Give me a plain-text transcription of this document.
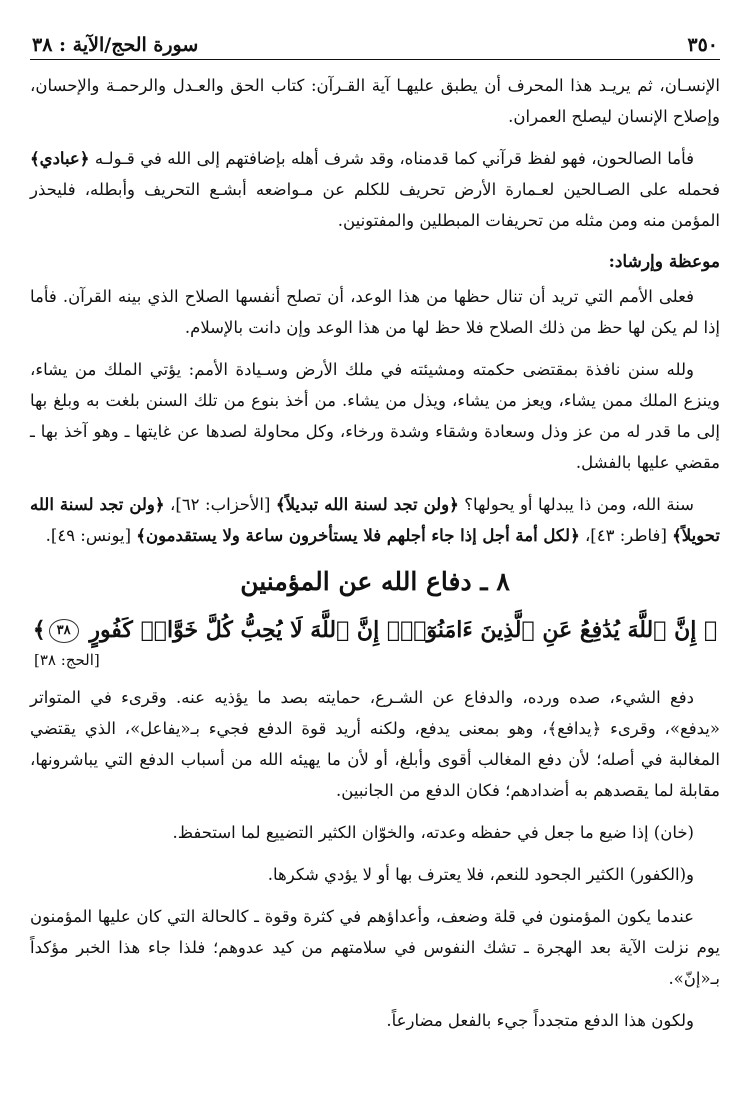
٣٥٠
سورة الحج/الآية : ٣٨

الإنسـان، ثم يريـد هذا المحرف أن يطبق عليهـا آية القـرآن: كتاب الحق والعـدل والرحمـة والإحسان، وإصلاح الإنسان ليصلح العمران.

فأما الصالحون، فهو لفظ قرآني كما قدمناه، وقد شرف أهله بإضافتهم إلى الله في قـولـه ﴿عبادي﴾ فحمله على الصـالحين لعـمارة الأرض تحريف للكلم عن مـواضعه أبشـع التحريف وأبطله، فليحذر المؤمن منه ومن مثله من تحريفات المبطلين والمفتونين.

موعظة وإرشاد:

فعلى الأمم التي تريد أن تنال حظها من هذا الوعد، أن تصلح أنفسها الصلاح الذي بينه القرآن. فأما إذا لم يكن لها حظ من ذلك الصلاح فلا حظ لها من هذا الوعد وإن دانت بالإسلام.

ولله سنن نافذة بمقتضى حكمته ومشيئته في ملك الأرض وسـيادة الأمم: يؤتي الملك من يشاء، وينزع الملك ممن يشاء، ويعز من يشاء، ويذل من يشاء. من أخذ بنوع من تلك السنن بلغت به وبلغ بها إلى ما قدر له من عز وذل وسعادة وشقاء وشدة ورخاء، وكل محاولة لصدها عن غايتها ـ وهو آخذ بها ـ مقضي عليها بالفشل.

سنة الله، ومن ذا يبدلها أو يحولها؟ ﴿ولن تجد لسنة الله تبديلاً﴾ [الأحزاب: ٦٢]، ﴿ولن تجد لسنة الله تحويلاً﴾ [فاطر: ٤٣]، ﴿لكل أمة أجل إذا جاء أجلهم فلا يستأخرون ساعة ولا يستقدمون﴾ [يونس: ٤٩].

٨ ـ دفاع الله عن المؤمنين
﴿ إِنَّ ٱللَّهَ يُدَٰفِعُ عَنِ ٱلَّذِينَ ءَامَنُوٓاْۗ إِنَّ ٱللَّهَ لَا يُحِبُّ كُلَّ خَوَّانٖ كَفُورٍ ٣٨﴾
[الحج: ٣٨]

دفع الشيء، صده ورده، والدفاع عن الشـرع، حمايته بصد ما يؤذيه عنه. وقرىء في المتواتر «يدفع»، وقرىء ﴿يدافع﴾، وهو بمعنى يدفع، ولكنه أريد قوة الدفع فجيء بـ«يفاعل»، الذي يقتضي المغالبة في أصله؛ لأن دفع المغالب أقوى وأبلغ، أو لأن ما يهيئه الله من أسباب الدفع التي يباشرونها، مقابلة لما يقصدهم به أضدادهم؛ فكان الدفع من الجانبين.

(خان) إذا ضيع ما جعل في حفظه وعدته، والخوّان الكثير التضييع لما استحفظ.

و(الكفور) الكثير الجحود للنعم، فلا يعترف بها أو لا يؤدي شكرها.

عندما يكون المؤمنون في قلة وضعف، وأعداؤهم في كثرة وقوة ـ كالحالة التي كان عليها المؤمنون يوم نزلت الآية بعد الهجرة ـ تشك النفوس في سلامتهم من كيد عدوهم؛ فلذا جاء هذا الخبر مؤكداً بـ«إنّ».

ولكون هذا الدفع متجدداً جيء بالفعل مضارعاً.
